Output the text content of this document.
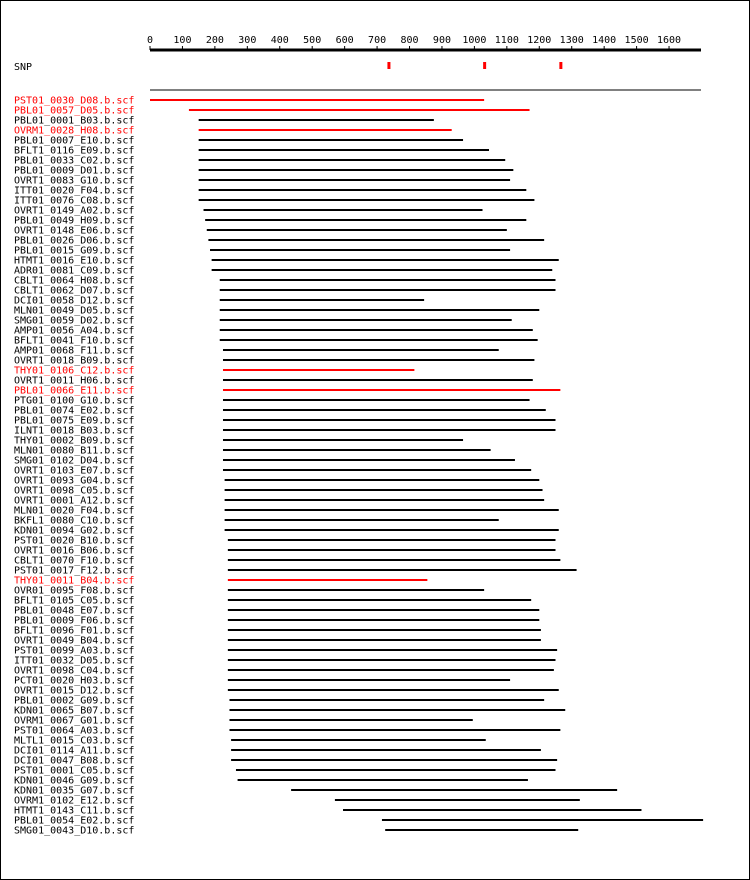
0 100 200 300 400 500 600 700 800 900 1000 1100 1200 1300 1400 1500 1600
SNP
PST01_0030_D08.b.scf
PBL01_0057_D05.b.scf
PBL01_0001_B03.b.scf
OVRM1_0028_H08.b.scf
PBL01_0007_E10.b.scf
BFLT1_0116_E09.b.scf
PBL01_0033_C02.b.scf
PBL01_0009_D01.b.scf
OVRT1_0083_G10.b.scf
ITT01_0020_F04.b.scf
ITT01_0076_C08.b.scf
OVRT1_0149_A02.b.scf
PBL01_0049_H09.b.scf
OVRT1_0148_E06.b.scf
PBL01_0026_D06.b.scf
PBL01_0015_G09.b.scf
HTMT1_0016_E10.b.scf
ADR01_0081_C09.b.scf
CBLT1_0064_H08.b.scf
CBLT1_0062_D07.b.scf
DCI01_0058_D12.b.scf
MLN01_0049_D05.b.scf
SMG01_0059_D02.b.scf
AMP01_0056_A04.b.scf
BFLT1_0041_F10.b.scf
AMP01_0068_F11.b.scf
OVRT1_0018_B09.b.scf
THY01_0106_C12.b.scf
OVRT1_0011_H06.b.scf
PBL01_0066_E11.b.scf
PTG01_0100_G10.b.scf
PBL01_0074_E02.b.scf
PBL01_0075_E09.b.scf
ILNT1_0018_B03.b.scf
THY01_0002_B09.b.scf
MLN01_0080_B11.b.scf
SMG01_0102_D04.b.scf
OVRT1_0103_E07.b.scf
OVRT1_0093_G04.b.scf
OVRT1_0098_C05.b.scf
OVRT1_0001_A12.b.scf
MLN01_0020_F04.b.scf
BKFL1_0080_C10.b.scf
KDN01_0094_G02.b.scf
PST01_0020_B10.b.scf
OVRT1_0016_B06.b.scf
CBLT1_0070_F10.b.scf
PST01_0017_F12.b.scf
THY01_0011_B04.b.scf
OVR01_0095_F08.b.scf
BFLT1_0105_C05.b.scf
PBL01_0048_E07.b.scf
PBL01_0009_F06.b.scf
BFLT1_0096_F01.b.scf
OVRT1_0049_B04.b.scf
PST01_0099_A03.b.scf
ITT01_0032_D05.b.scf
OVRT1_0098_C04.b.scf
PCT01_0020_H03.b.scf
OVRT1_0015_D12.b.scf
PBL01_0002_G09.b.scf
KDN01_0065_B07.b.scf
OVRM1_0067_G01.b.scf
PST01_0064_A03.b.scf
MLTL1_0015_C03.b.scf
DCI01_0114_A11.b.scf
DCI01_0047_B08.b.scf
PST01_0001_C05.b.scf
KDN01_0046_G09.b.scf
KDN01_0035_G07.b.scf
OVRM1_0102_E12.b.scf
HTMT1_0143_C11.b.scf
PBL01_0054_E02.b.scf
SMG01_0043_D10.b.scf
